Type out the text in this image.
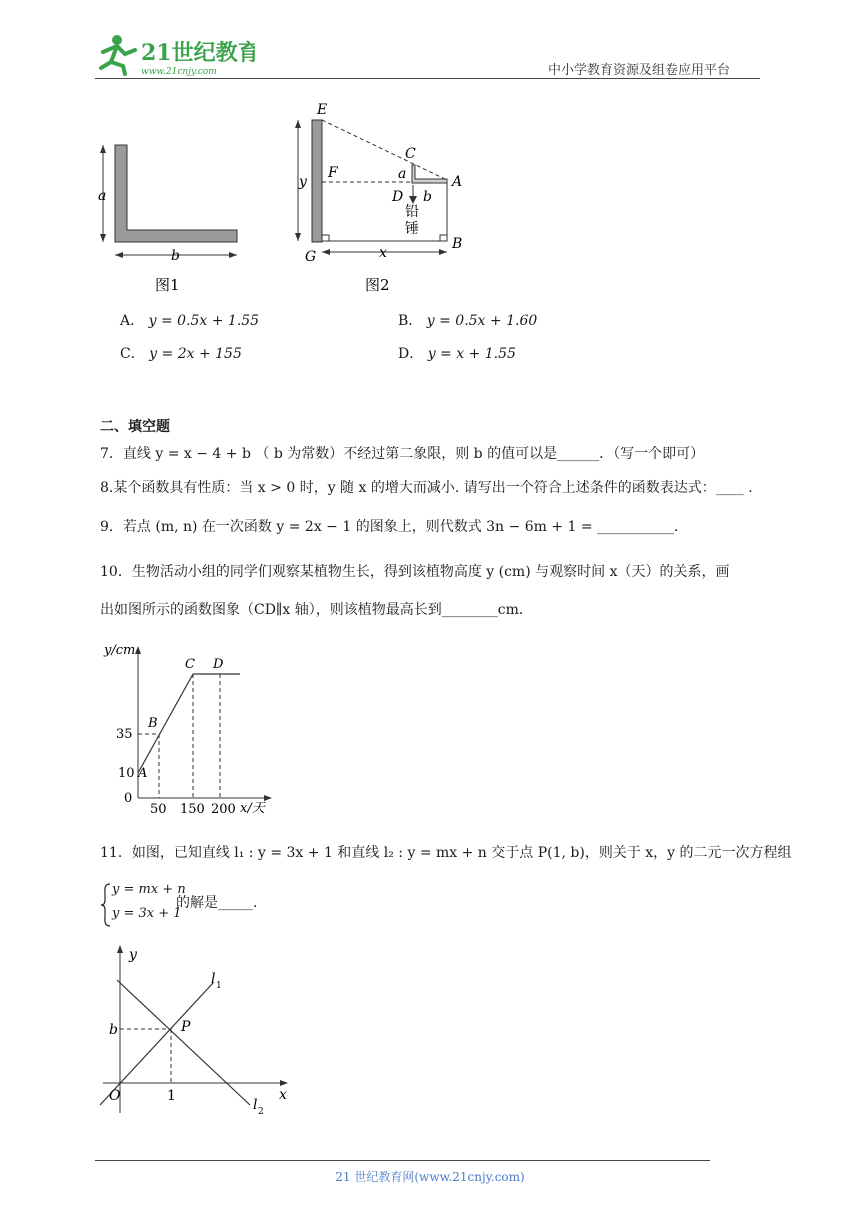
21世纪教育
www.21cnjy.com	中小学教育资源及组卷应用平台
a
b
图1
E
C
F	a
D b
A
y
G	x
B
铅
锤
图2
A． y = 0.5x + 1.55	B． y = 0.5x + 1.60
C． y = 2x + 155	D． y = x + 1.55
二、填空题
7．直线 y = x − 4 + b （ b 为常数）不经过第二象限，则 b 的值可以是______．（写一个即可）
8.某个函数具有性质：当 x > 0 时，y 随 x 的增大而减小. 请写出一个符合上述条件的函数表达式：____ .
9．若点 (m, n) 在一次函数 y = 2x − 1 的图象上，则代数式 3n − 6m + 1 = ___________．
10．生物活动小组的同学们观察某植物生长，得到该植物高度 y (cm) 与观察时间 x（天）的关系，画
出如图所示的函数图象（CD∥x 轴），则该植物最高长到________cm．
y/cm
x/天
0
10
35
50 150 200
A
B
C D
11．如图，已知直线 l₁ : y = 3x + 1 和直线 l₂ : y = mx + n 交于点 P(1, b)，则关于 x，y 的二元一次方程组
y = mx + n
y = 3x + 1
的解是_____．
y
x
O	1
b	P
l 1
l 2
21 世纪教育网(www.21cnjy.com)
